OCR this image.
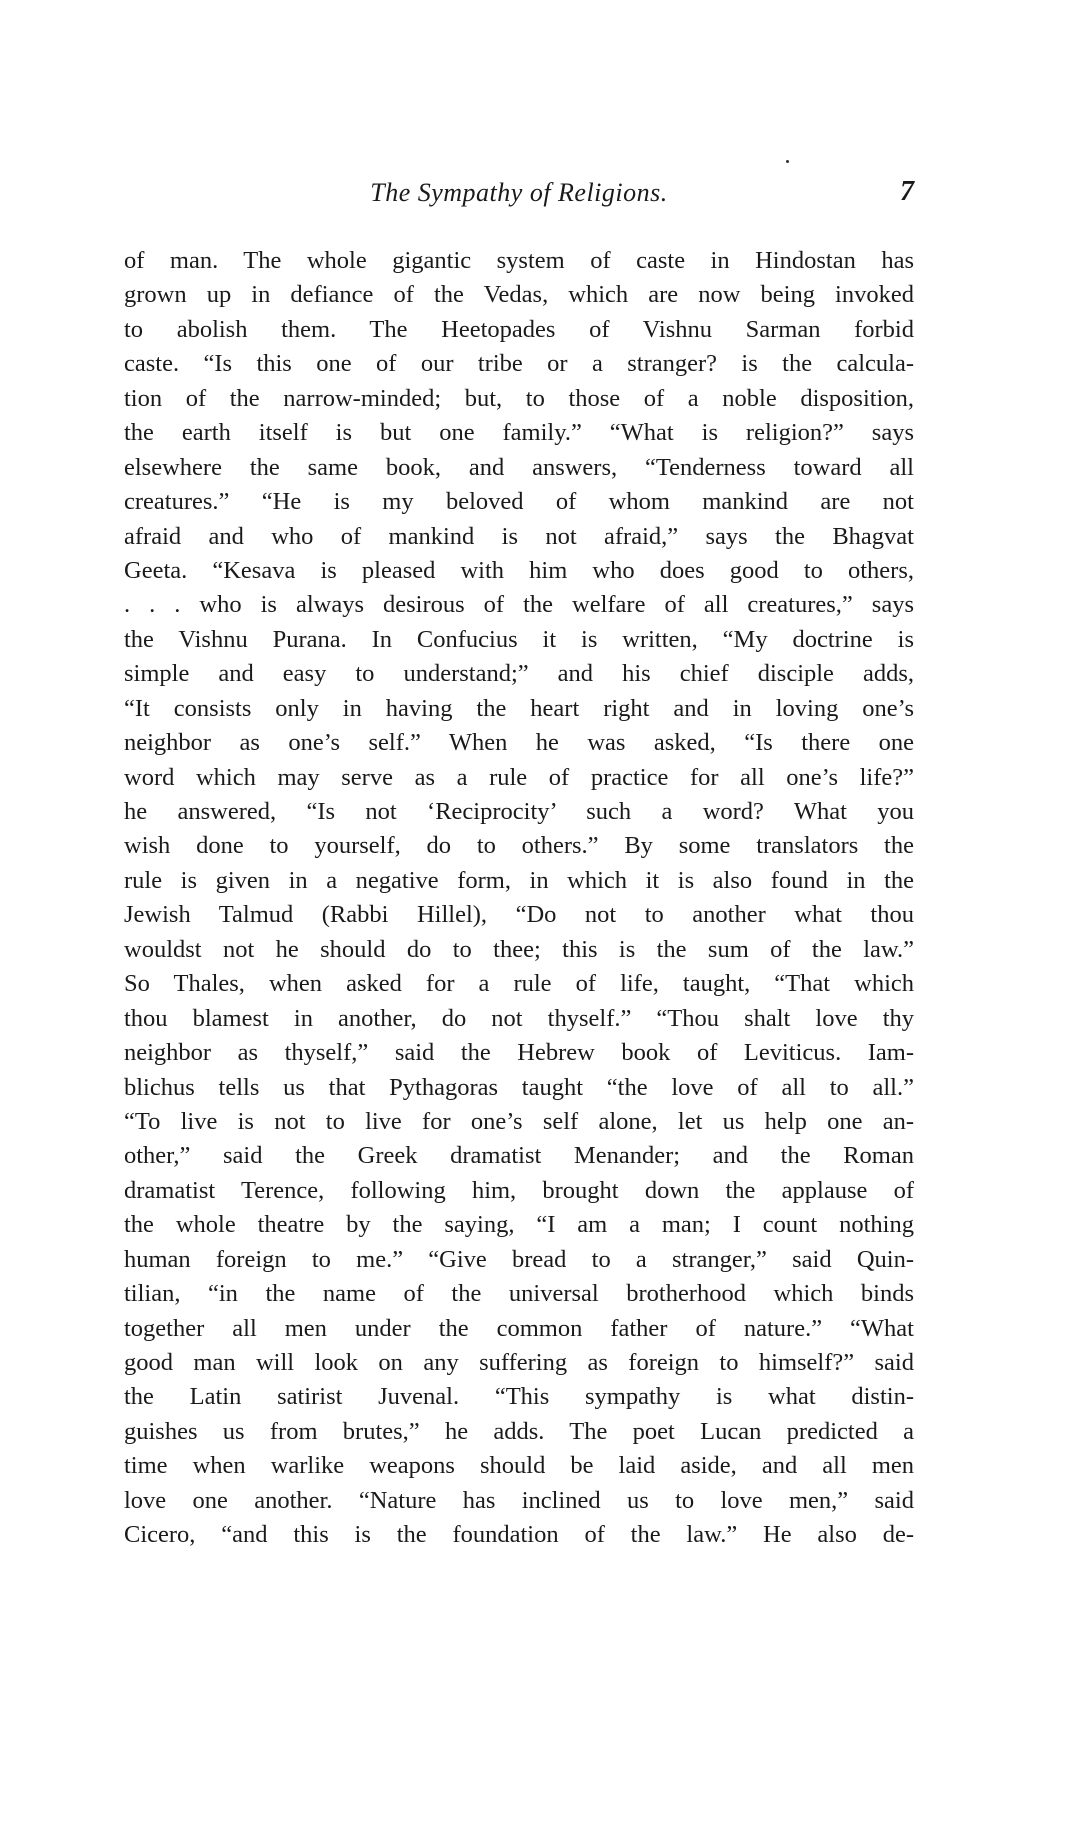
The Sympathy of Religions.	7
of man. The whole gigantic system of caste in Hindostan has
grown up in defiance of the Vedas, which are now being invoked
to abolish them. The Heetopades of Vishnu Sarman forbid
caste. “Is this one of our tribe or a stranger? is the calcula-
tion of the narrow-minded; but, to those of a noble disposition,
the earth itself is but one family.” “What is religion?” says
elsewhere the same book, and answers, “Tenderness toward all
creatures.” “He is my beloved of whom mankind are not
afraid and who of mankind is not afraid,” says the Bhagvat
Geeta. “Kesava is pleased with him who does good to others,
. . . who is always desirous of the welfare of all creatures,” says
the Vishnu Purana. In Confucius it is written, “My doctrine is
simple and easy to understand;” and his chief disciple adds,
“It consists only in having the heart right and in loving one’s
neighbor as one’s self.” When he was asked, “Is there one
word which may serve as a rule of practice for all one’s life?”
he answered, “Is not ‘Reciprocity’ such a word? What you
wish done to yourself, do to others.” By some translators the
rule is given in a negative form, in which it is also found in the
Jewish Talmud (Rabbi Hillel), “Do not to another what thou
wouldst not he should do to thee; this is the sum of the law.”
So Thales, when asked for a rule of life, taught, “That which
thou blamest in another, do not thyself.” “Thou shalt love thy
neighbor as thyself,” said the Hebrew book of Leviticus. Iam-
blichus tells us that Pythagoras taught “the love of all to all.”
“To live is not to live for one’s self alone, let us help one an-
other,” said the Greek dramatist Menander; and the Roman
dramatist Terence, following him, brought down the applause of
the whole theatre by the saying, “I am a man; I count nothing
human foreign to me.” “Give bread to a stranger,” said Quin-
tilian, “in the name of the universal brotherhood which binds
together all men under the common father of nature.” “What
good man will look on any suffering as foreign to himself?” said
the Latin satirist Juvenal. “This sympathy is what distin-
guishes us from brutes,” he adds. The poet Lucan predicted a
time when warlike weapons should be laid aside, and all men
love one another. “Nature has inclined us to love men,” said
Cicero, “and this is the foundation of the law.” He also de-
